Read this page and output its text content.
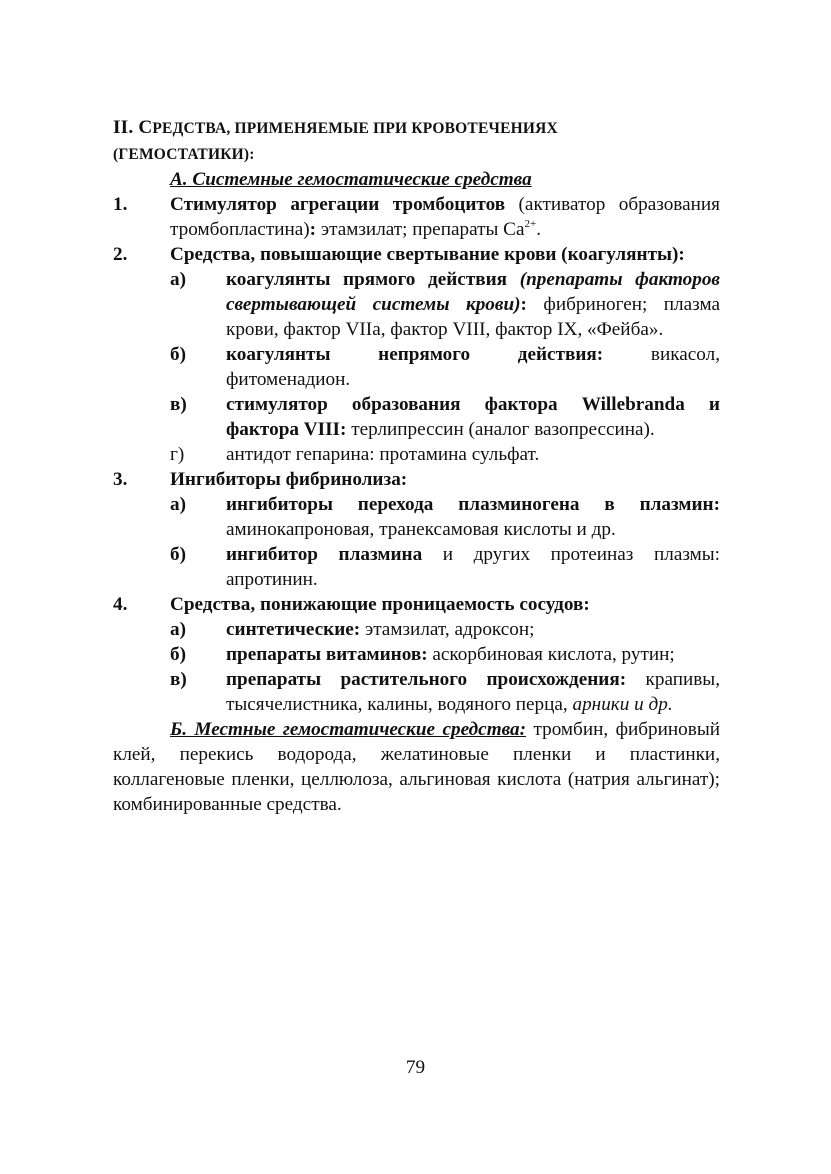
II. СРЕДСТВА, ПРИМЕНЯЕМЫЕ ПРИ КРОВОТЕЧЕНИЯХ
(ГЕМОСТАТИКИ):
А. Системные гемостатические средства
1. Стимулятор агрегации тромбоцитов (активатор образования тромбопластина): этамзилат; препараты $Са^{2+}$.
2. Средства, повышающие свертывание крови (коагулянты):
а) коагулянты прямого действия (препараты факторов свертывающей системы крови): фибриноген; плазма крови, фактор VIIa, фактор VIII, фактор IX, «Фейба».
б) коагулянты непрямого действия: викасол, фитоменадион.
в) стимулятор образования фактора Willebranda и фактора VIII: терлипрессин (аналог вазопрессина).
г) антидот гепарина: протамина сульфат.
3. Ингибиторы фибринолиза:
а) ингибиторы перехода плазминогена в плазмин: аминокапроновая, транексамовая кислоты и др.
б) ингибитор плазмина и других протеиназ плазмы: апротинин.
4. Средства, понижающие проницаемость сосудов:
а) синтетические: этамзилат, адроксон;
б) препараты витаминов: аскорбиновая кислота, рутин;
в) препараты растительного происхождения: крапивы, тысячелистника, калины, водяного перца, арники и др.
Б. Местные гемостатические средства: тромбин, фибриновый клей, перекись водорода, желатиновые пленки и пластинки, коллагеновые пленки, целлюлоза, альгиновая кислота (натрия альгинат); комбинированные средства.
79
